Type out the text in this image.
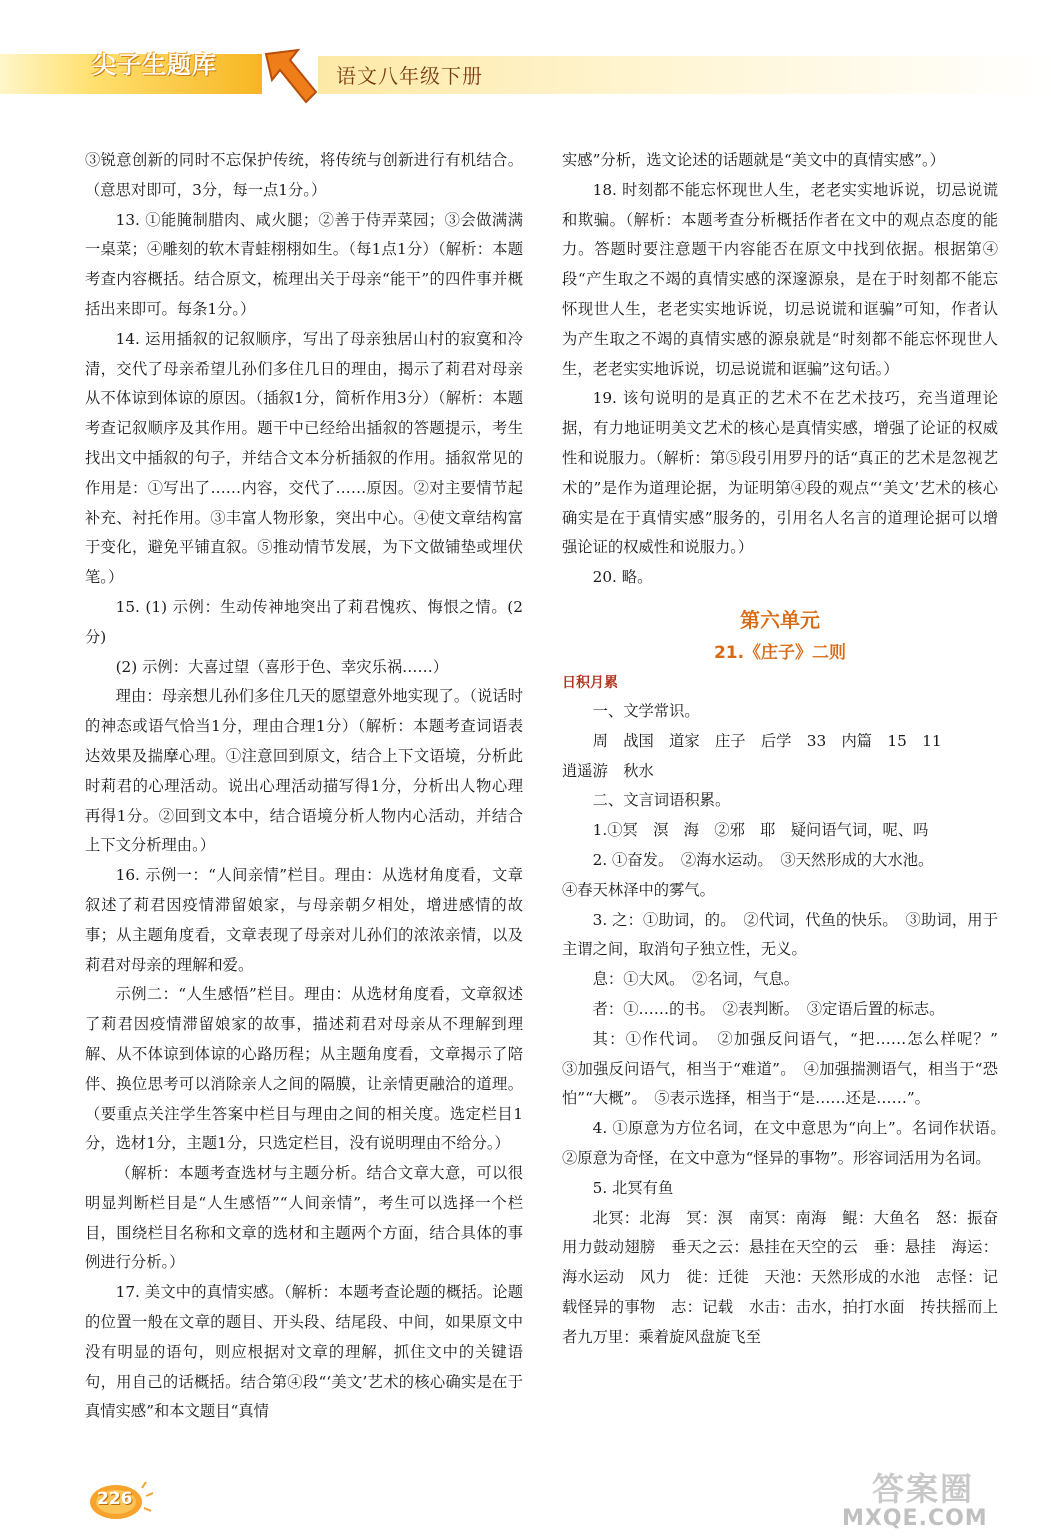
尖子生题库	语文八年级下册

③锐意创新的同时不忘保护传统，将传统与创新进行有机结合。（意思对即可，3分，每一点1分。）

13. ①能腌制腊肉、咸火腿；②善于侍弄菜园；③会做满满一桌菜；④雕刻的软木青蛙栩栩如生。（每1点1分）（解析：本题考查内容概括。结合原文，梳理出关于母亲“能干”的四件事并概括出来即可。每条1分。）

14. 运用插叙的记叙顺序，写出了母亲独居山村的寂寞和冷清，交代了母亲希望儿孙们多住几日的理由，揭示了莉君对母亲从不体谅到体谅的原因。（插叙1分，简析作用3分）（解析：本题考查记叙顺序及其作用。题干中已经给出插叙的答题提示，考生找出文中插叙的句子，并结合文本分析插叙的作用。插叙常见的作用是：①写出了……内容，交代了……原因。②对主要情节起补充、衬托作用。③丰富人物形象，突出中心。④使文章结构富于变化，避免平铺直叙。⑤推动情节发展，为下文做铺垫或埋伏笔。）

15. (1) 示例：生动传神地突出了莉君愧疚、悔恨之情。(2分)

(2) 示例：大喜过望（喜形于色、幸灾乐祸……）

理由：母亲想儿孙们多住几天的愿望意外地实现了。（说话时的神态或语气恰当1分，理由合理1分）（解析：本题考查词语表达效果及揣摩心理。①注意回到原文，结合上下文语境，分析此时莉君的心理活动。说出心理活动描写得1分，分析出人物心理再得1分。②回到文本中，结合语境分析人物内心活动，并结合上下文分析理由。）

16. 示例一：“人间亲情”栏目。理由：从选材角度看，文章叙述了莉君因疫情滞留娘家，与母亲朝夕相处，增进感情的故事；从主题角度看，文章表现了母亲对儿孙们的浓浓亲情，以及莉君对母亲的理解和爱。

示例二：“人生感悟”栏目。理由：从选材角度看，文章叙述了莉君因疫情滞留娘家的故事，描述莉君对母亲从不理解到理解、从不体谅到体谅的心路历程；从主题角度看，文章揭示了陪伴、换位思考可以消除亲人之间的隔膜，让亲情更融洽的道理。（要重点关注学生答案中栏目与理由之间的相关度。选定栏目1分，选材1分，主题1分，只选定栏目，没有说明理由不给分。）

（解析：本题考查选材与主题分析。结合文章大意，可以很明显判断栏目是“人生感悟”“人间亲情”，考生可以选择一个栏目，围绕栏目名称和文章的选材和主题两个方面，结合具体的事例进行分析。）

17. 美文中的真情实感。（解析：本题考查论题的概括。论题的位置一般在文章的题目、开头段、结尾段、中间，如果原文中没有明显的语句，则应根据对文章的理解，抓住文中的关键语句，用自己的话概括。结合第④段“‘美文’艺术的核心确实是在于真情实感”和本文题目“真情

实感”分析，选文论述的话题就是“美文中的真情实感”。）

18. 时刻都不能忘怀现世人生，老老实实地诉说，切忌说谎和欺骗。（解析：本题考查分析概括作者在文中的观点态度的能力。答题时要注意题干内容能否在原文中找到依据。根据第④段“产生取之不竭的真情实感的深邃源泉，是在于时刻都不能忘怀现世人生，老老实实地诉说，切忌说谎和诓骗”可知，作者认为产生取之不竭的真情实感的源泉就是“时刻都不能忘怀现世人生，老老实实地诉说，切忌说谎和诓骗”这句话。）

19. 该句说明的是真正的艺术不在艺术技巧，充当道理论据，有力地证明美文艺术的核心是真情实感，增强了论证的权威性和说服力。（解析：第⑤段引用罗丹的话“真正的艺术是忽视艺术的”是作为道理论据，为证明第④段的观点“‘美文’艺术的核心确实是在于真情实感”服务的，引用名人名言的道理论据可以增强论证的权威性和说服力。）

20. 略。

第六单元
21.《庄子》二则
日积月累

一、文学常识。

周　战国　道家　庄子　后学　33　内篇　15　11

逍遥游　秋水

二、文言词语积累。

1.①冥　溟　海　②邪　耶　疑问语气词，呢、吗

2. ①奋发。　②海水运动。　③天然形成的大水池。

④春天林泽中的雾气。

3. 之：①助词，的。　②代词，代鱼的快乐。　③助词，用于主谓之间，取消句子独立性，无义。

息：①大风。　②名词，气息。

者：①……的书。　②表判断。　③定语后置的标志。

其：①作代词。　②加强反问语气，“把……怎么样呢？”　③加强反问语气，相当于“难道”。　④加强揣测语气，相当于“恐怕”“大概”。　⑤表示选择，相当于“是……还是……”。

4. ①原意为方位名词，在文中意思为“向上”。名词作状语。　②原意为奇怪，在文中意为“怪异的事物”。形容词活用为名词。

5. 北冥有鱼

北冥：北海　冥：溟　南冥：南海　鲲：大鱼名　怒：振奋　用力鼓动翅膀　垂天之云：悬挂在天空的云　垂：悬挂　海运：海水运动　风力　徙：迁徙　天池：天然形成的水池　志怪：记载怪异的事物　志：记载　水击：击水，拍打水面　抟扶摇而上者九万里：乘着旋风盘旋飞至

226	答案圈
MXQE.COM
